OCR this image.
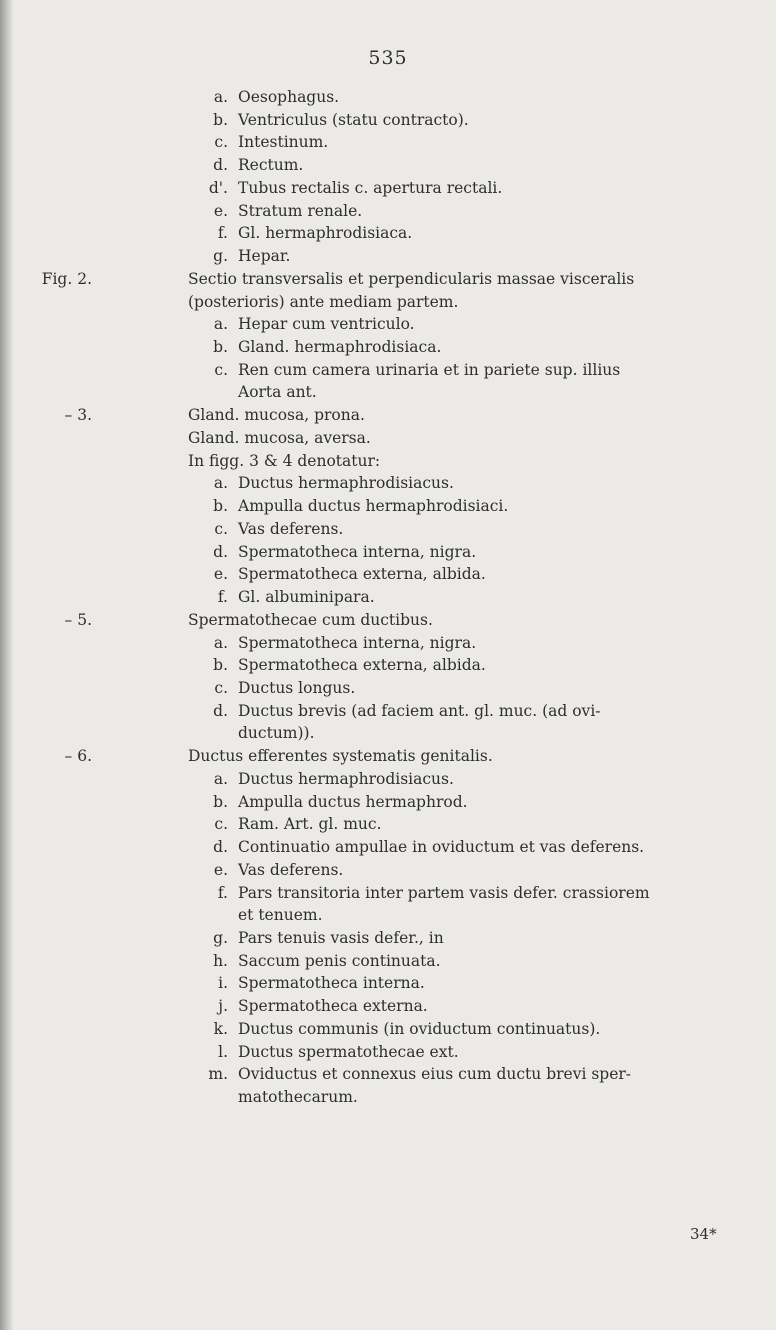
535
a. Oesophagus.
b. Ventriculus (statu contracto).
c. Intestinum.
d. Rectum.
d'. Tubus rectalis c. apertura rectali.
e. Stratum renale.
f. Gl. hermaphrodisiaca.
g. Hepar.
Fig. 2.	Sectio transversalis et perpendicularis massae visceralis
(posterioris) ante mediam partem.
a. Hepar cum ventriculo.
b. Gland. hermaphrodisiaca.
c. Ren cum camera urinaria et in pariete sup. illius
Aorta ant.
– 3.	Gland. mucosa, prona.
Gland. mucosa, aversa.
In figg. 3 & 4 denotatur:
a. Ductus hermaphrodisiacus.
b. Ampulla ductus hermaphrodisiaci.
c. Vas deferens.
d. Spermatotheca interna, nigra.
e. Spermatotheca externa, albida.
f. Gl. albuminipara.
– 5.	Spermatothecae cum ductibus.
a. Spermatotheca interna, nigra.
b. Spermatotheca externa, albida.
c. Ductus longus.
d. Ductus brevis (ad faciem ant. gl. muc. (ad ovi-
ductum)).
– 6.	Ductus efferentes systematis genitalis.
a. Ductus hermaphrodisiacus.
b. Ampulla ductus hermaphrod.
c. Ram. Art. gl. muc.
d. Continuatio ampullae in oviductum et vas deferens.
e. Vas deferens.
f. Pars transitoria inter partem vasis defer. crassiorem
et tenuem.
g. Pars tenuis vasis defer., in
h. Saccum penis continuata.
i. Spermatotheca interna.
j. Spermatotheca externa.
k. Ductus communis (in oviductum continuatus).
l. Ductus spermatothecae ext.
m. Oviductus et connexus eius cum ductu brevi sper-
matothecarum.
34*
